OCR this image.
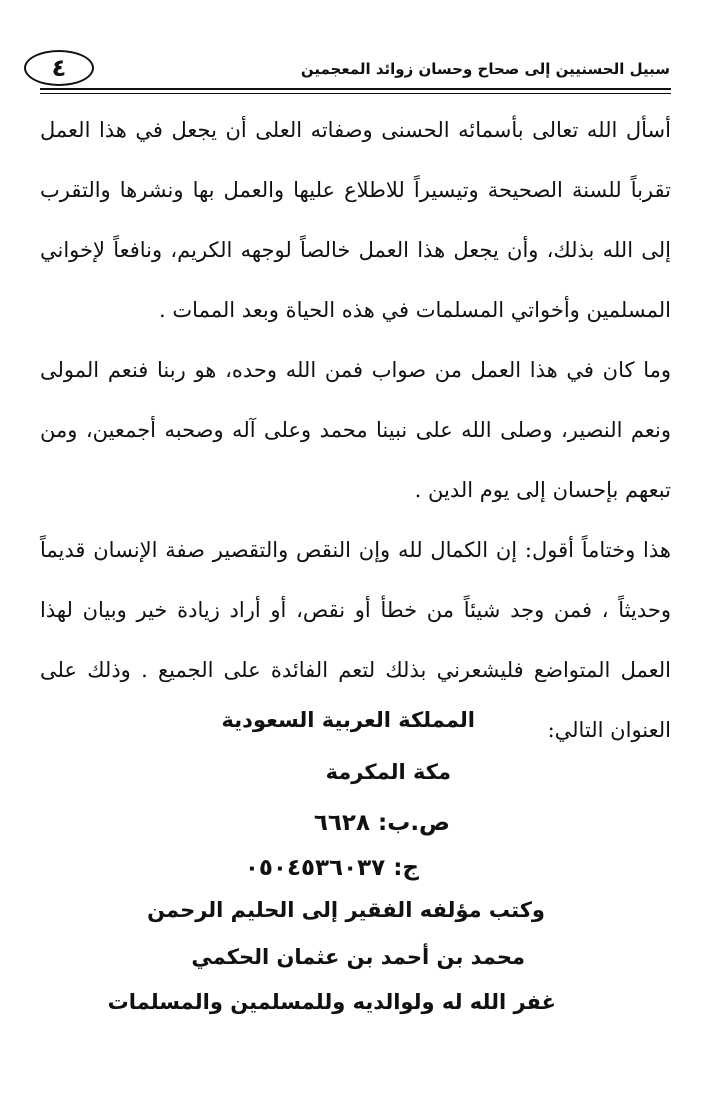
٤	سبيل الحسنيين إلى صحاح وحسان زوائد المعجمين

أسأل الله تعالى بأسمائه الحسنى وصفاته العلى أن يجعل في هذا العمل تقرباً للسنة الصحيحة وتيسيراً للاطلاع عليها والعمل بها ونشرها والتقرب إلى الله بذلك، وأن يجعل هذا العمل خالصاً لوجهه الكريم، ونافعاً لإخواني المسلمين وأخواتي المسلمات في هذه الحياة وبعد الممات .

وما كان في هذا العمل من صواب فمن الله وحده، هو ربنا فنعم المولى ونعم النصير، وصلى الله على نبينا محمد وعلى آله وصحبه أجمعين، ومن تبعهم بإحسان إلى يوم الدين .

هذا وختاماً أقول: إن الكمال لله وإن النقص والتقصير صفة الإنسان قديماً وحديثاً ، فمن وجد شيئاً من خطأ أو نقص، أو أراد زيادة خير وبيان لهذا العمل المتواضع فليشعرني بذلك لتعم الفائدة على الجميع . وذلك على العنوان التالي:

المملكة العربية السعودية
مكة المكرمة
ص.ب: ٦٦٢٨
ج: ٠٥٠٤٥٣٦٠٣٧
وكتب مؤلفه الفقير إلى الحليم الرحمن
محمد بن أحمد بن عثمان الحكمي
غفر الله له ولوالديه وللمسلمين والمسلمات
